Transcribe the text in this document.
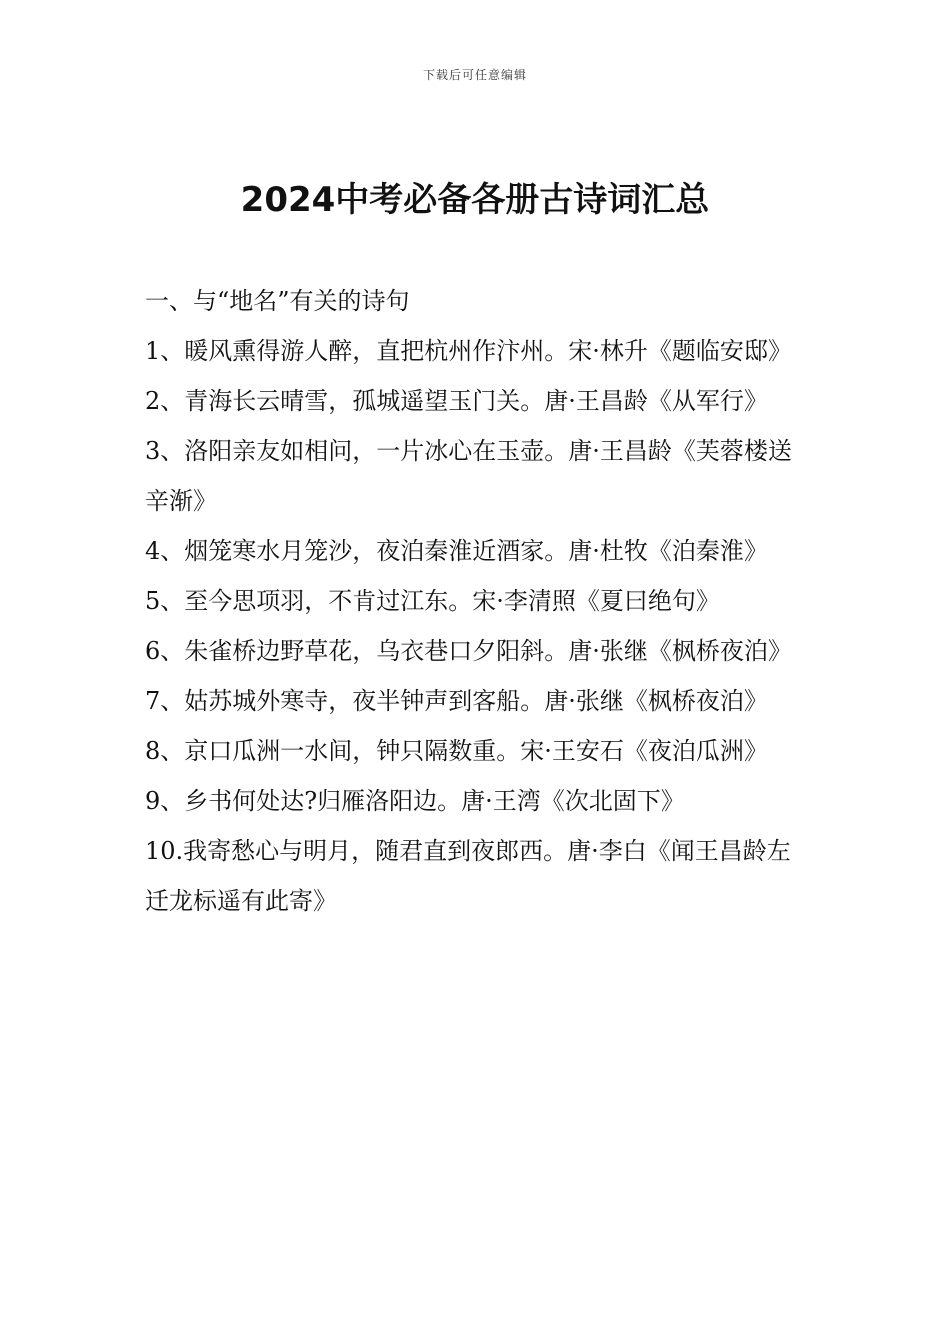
下载后可任意编辑
2024中考必备各册古诗词汇总
一、与“地名”有关的诗句
1、暖风熏得游人醉，直把杭州作汴州。宋·林升《题临安邸》
2、青海长云晴雪，孤城遥望玉门关。唐·王昌龄《从军行》
3、洛阳亲友如相问，一片冰心在玉壶。唐·王昌龄《芙蓉楼送辛渐》
4、烟笼寒水月笼沙，夜泊秦淮近酒家。唐·杜牧《泊秦淮》
5、至今思项羽，不肯过江东。宋·李清照《夏曰绝句》
6、朱雀桥边野草花，乌衣巷口夕阳斜。唐·张继《枫桥夜泊》
7、姑苏城外寒寺，夜半钟声到客船。唐·张继《枫桥夜泊》
8、京口瓜洲一水间，钟只隔数重。宋·王安石《夜泊瓜洲》
9、乡书何处达?归雁洛阳边。唐·王湾《次北固下》
10.我寄愁心与明月，随君直到夜郎西。唐·李白《闻王昌龄左迁龙标遥有此寄》
